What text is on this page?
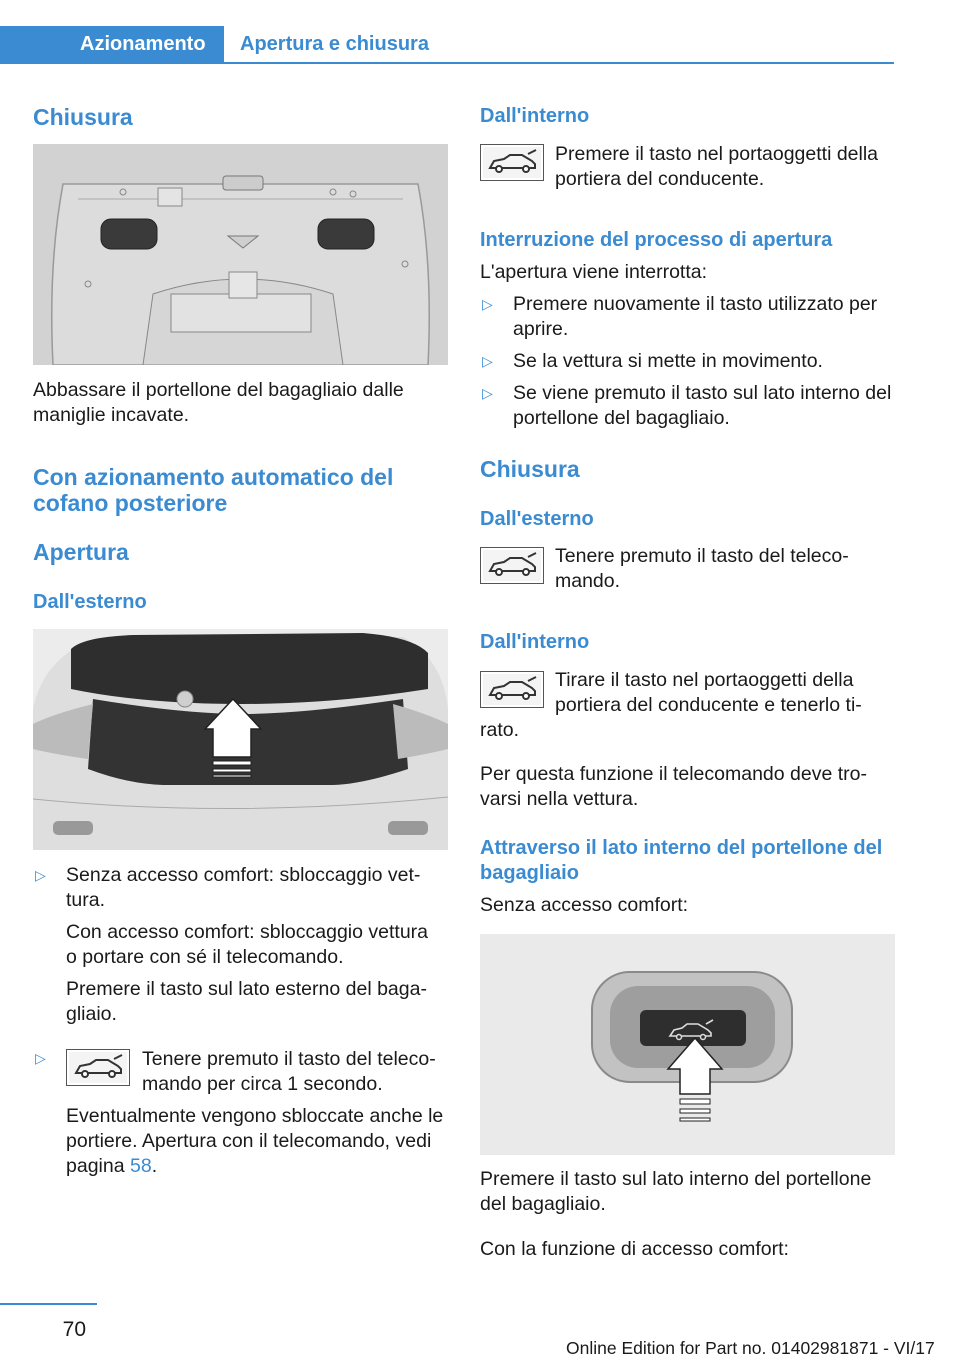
Azionamento	Apertura e chiusura
Chiusura

Abbassare il portellone del bagagliaio dalle maniglie incavate.

Con azionamento automatico del cofano posteriore
Apertura
Dall'esterno
▷ Senza accesso comfort: sbloccaggio vet-tura.

Con accesso comfort: sbloccaggio vettura o portare con sé il telecomando.

Premere il tasto sul lato esterno del baga-gliaio.

▷	Tenere premuto il tasto del teleco-mando per circa 1 secondo.

Eventualmente vengono sbloccate anche le portiere. Apertura con il telecomando, vedi pagina 58.

Dall'interno

Premere il tasto nel portaoggetti della portiera del conducente.

Interruzione del processo di apertura

L'apertura viene interrotta:

▷ Premere nuovamente il tasto utilizzato per aprire.

▷ Se la vettura si mette in movimento.

▷ Se viene premuto il tasto sul lato interno del portellone del bagagliaio.

Chiusura
Dall'esterno

Tenere premuto il tasto del teleco-mando.

Dall'interno

Tirare il tasto nel portaoggetti della portiera del conducente e tenerlo ti-

rato.

Per questa funzione il telecomando deve tro-varsi nella vettura.

Attraverso il lato interno del portellone del bagagliaio

Senza accesso comfort:

Premere il tasto sul lato interno del portellone del bagagliaio.

Con la funzione di accesso comfort:

70
Online Edition for Part no. 01402981871 - VI/17
